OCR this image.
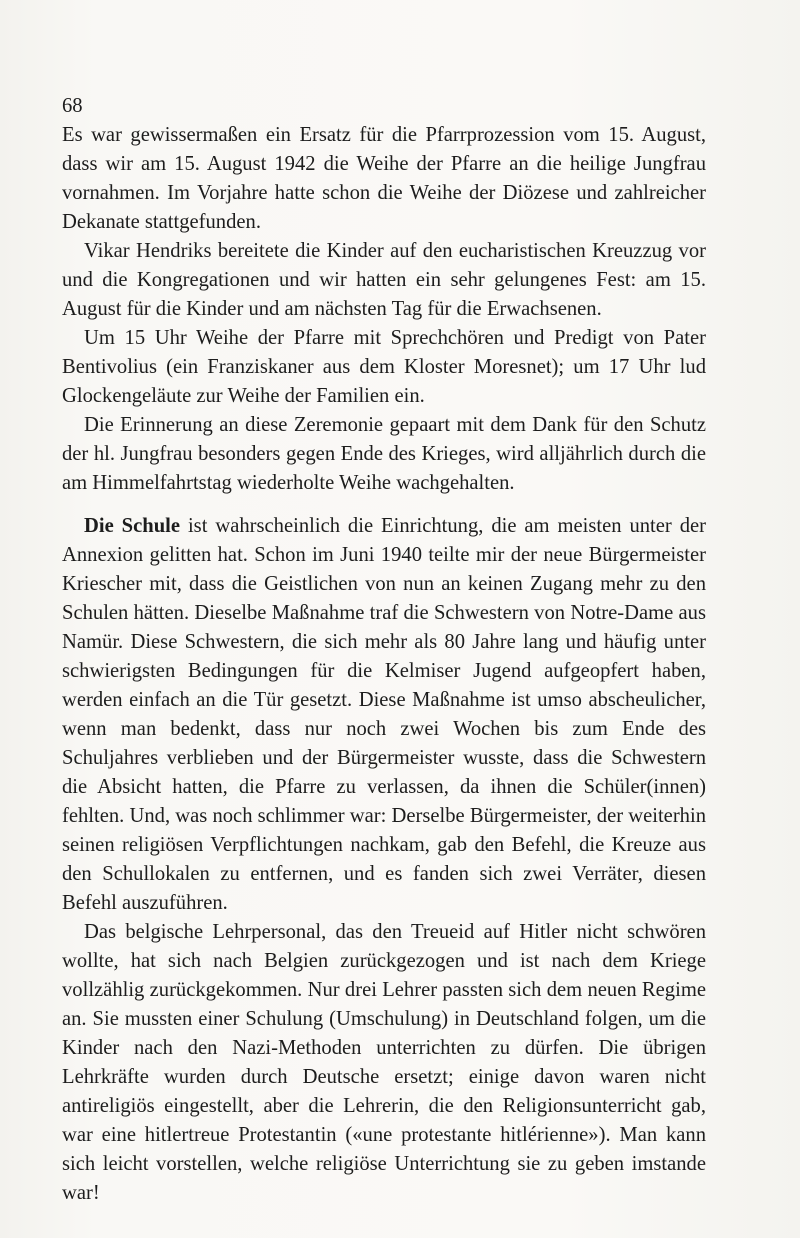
68

Es war gewissermaßen ein Ersatz für die Pfarrprozession vom 15. August, dass wir am 15. August 1942 die Weihe der Pfarre an die heilige Jungfrau vornahmen. Im Vorjahre hatte schon die Weihe der Diözese und zahlreicher Dekanate stattgefunden.

Vikar Hendriks bereitete die Kinder auf den eucharistischen Kreuzzug vor und die Kongregationen und wir hatten ein sehr gelungenes Fest: am 15. August für die Kinder und am nächsten Tag für die Erwachsenen.

Um 15 Uhr Weihe der Pfarre mit Sprechchören und Predigt von Pater Bentivolius (ein Franziskaner aus dem Kloster Moresnet); um 17 Uhr lud Glockengeläute zur Weihe der Familien ein.

Die Erinnerung an diese Zeremonie gepaart mit dem Dank für den Schutz der hl. Jungfrau besonders gegen Ende des Krieges, wird alljährlich durch die am Himmelfahrtstag wiederholte Weihe wachgehalten.

Die Schule ist wahrscheinlich die Einrichtung, die am meisten unter der Annexion gelitten hat. Schon im Juni 1940 teilte mir der neue Bürgermeister Kriescher mit, dass die Geistlichen von nun an keinen Zugang mehr zu den Schulen hätten. Dieselbe Maßnahme traf die Schwestern von Notre-Dame aus Namür. Diese Schwestern, die sich mehr als 80 Jahre lang und häufig unter schwierigsten Bedingungen für die Kelmiser Jugend aufgeopfert haben, werden einfach an die Tür gesetzt. Diese Maßnahme ist umso abscheulicher, wenn man bedenkt, dass nur noch zwei Wochen bis zum Ende des Schuljahres verblieben und der Bürgermeister wusste, dass die Schwestern die Absicht hatten, die Pfarre zu verlassen, da ihnen die Schüler(innen) fehlten. Und, was noch schlimmer war: Derselbe Bürgermeister, der weiterhin seinen religiösen Verpflichtungen nachkam, gab den Befehl, die Kreuze aus den Schullokalen zu entfernen, und es fanden sich zwei Verräter, diesen Befehl auszuführen.

Das belgische Lehrpersonal, das den Treueid auf Hitler nicht schwören wollte, hat sich nach Belgien zurückgezogen und ist nach dem Kriege vollzählig zurückgekommen. Nur drei Lehrer passten sich dem neuen Regime an. Sie mussten einer Schulung (Umschulung) in Deutschland folgen, um die Kinder nach den Nazi-Methoden unterrichten zu dürfen. Die übrigen Lehrkräfte wurden durch Deutsche ersetzt; einige davon waren nicht antireligiös eingestellt, aber die Lehrerin, die den Religionsunterricht gab, war eine hitlertreue Protestantin («une protestante hitlérienne»). Man kann sich leicht vorstellen, welche religiöse Unterrichtung sie zu geben imstande war!
